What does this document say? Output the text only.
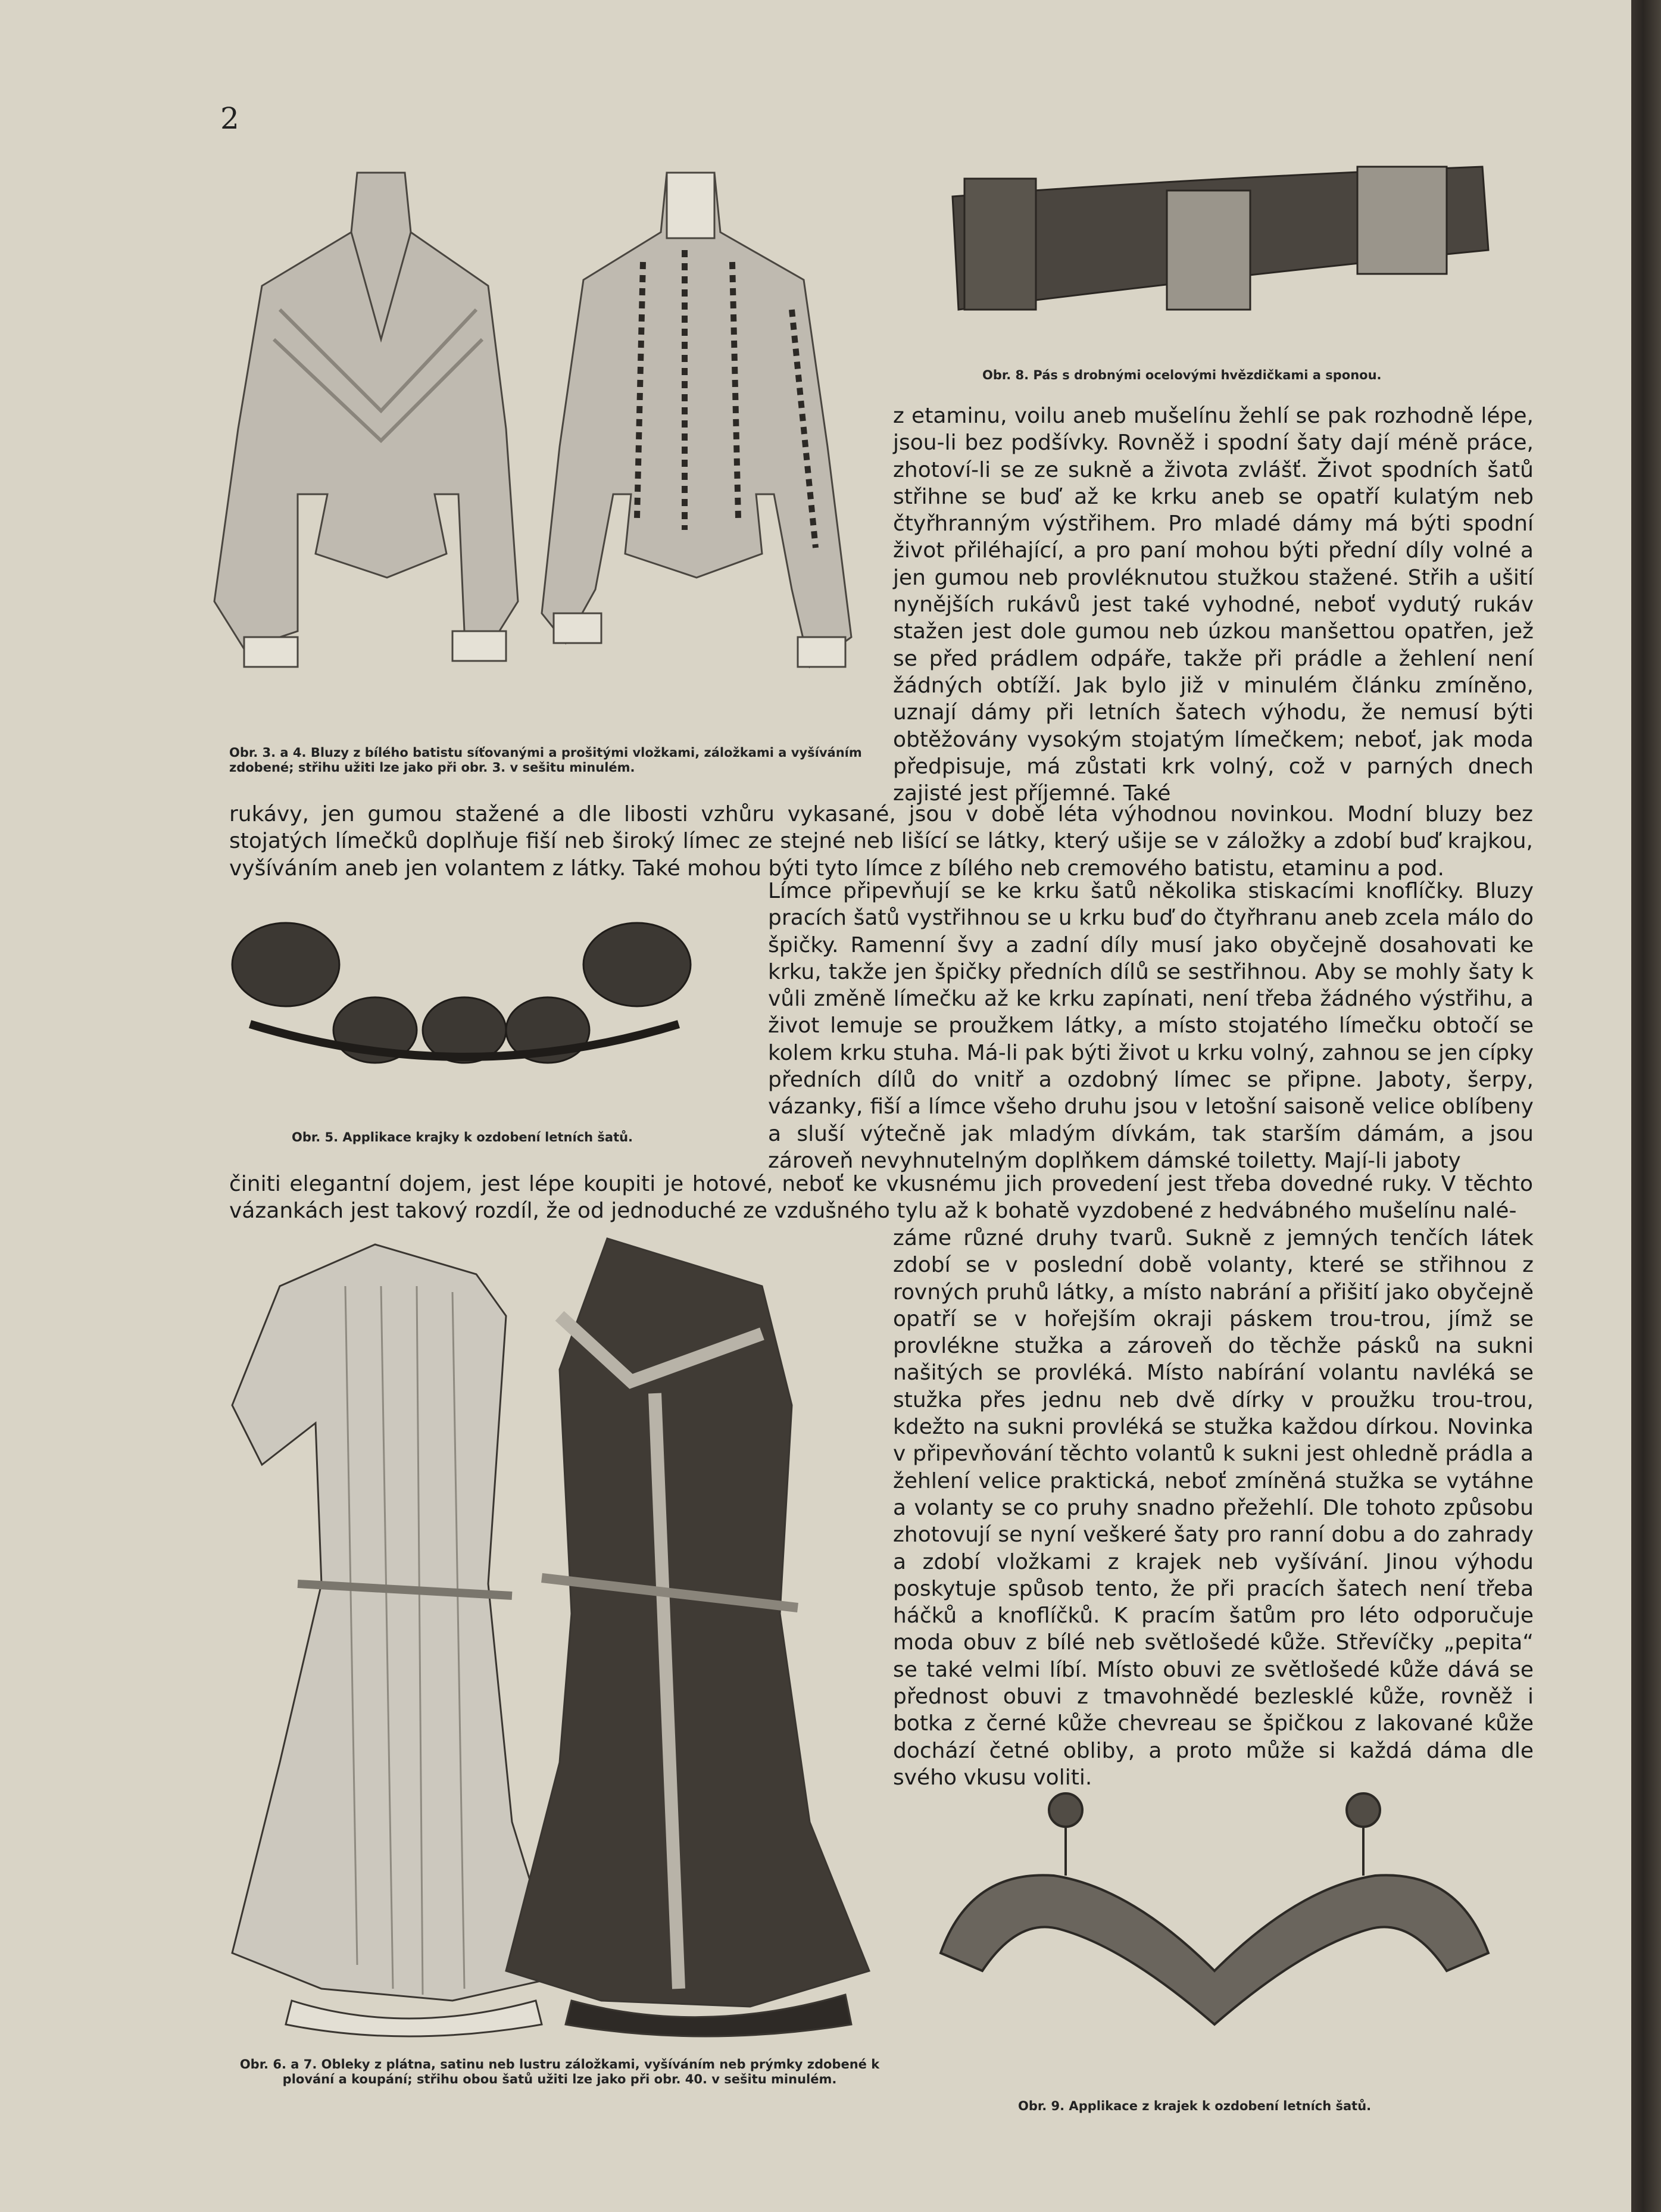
2

Obr. 3. a 4. Bluzy z bílého batistu síťovanými a prošitými vložkami, záložkami a vyšíváním zdobené; střihu užiti lze jako při obr. 3. v sešitu minulém.

Obr. 8. Pás s drobnými ocelovými hvězdičkami a sponou.

z etaminu, voilu aneb mušelínu žehlí se pak rozhodně lépe, jsou-li bez podšívky. Rovněž i spodní šaty dají méně práce, zhotoví-li se ze sukně a života zvlášť. Život spodních šatů střihne se buď až ke krku aneb se opatří kulatým neb čtyřhranným výstřihem. Pro mladé dámy má býti spodní život přiléhající, a pro paní mohou býti přední díly volné a jen gumou neb provléknutou stužkou stažené. Střih a ušití nynějších rukávů jest také vyhodné, neboť vydutý rukáv stažen jest dole gumou neb úzkou manšettou opatřen, jež se před prádlem odpáře, takže při prádle a žehlení není žádných obtíží. Jak bylo již v minulém článku zmíněno, uznají dámy při letních šatech výhodu, že nemusí býti obtěžovány vysokým stojatým límečkem; neboť, jak moda předpisuje, má zůstati krk volný, což v parných dnech zajisté jest příjemné. Také

rukávy, jen gumou stažené a dle libosti vzhůru vykasané, jsou v době léta výhodnou novinkou. Modní bluzy bez stojatých límečků doplňuje fiší neb široký límec ze stejné neb lišící se látky, který ušije se v záložky a zdobí buď krajkou, vyšíváním aneb jen volantem z látky. Také mohou býti tyto límce z bílého neb cremového batistu, etaminu a pod.

Obr. 5. Applikace krajky k ozdobení letních šatů.

Límce připevňují se ke krku šatů několika stiskacími knoflíčky. Bluzy pracích šatů vystřihnou se u krku buď do čtyřhranu aneb zcela málo do špičky. Ramenní švy a zadní díly musí jako obyčejně dosahovati ke krku, takže jen špičky předních dílů se sestřihnou. Aby se mohly šaty k vůli změně límečku až ke krku zapínati, není třeba žádného výstřihu, a život lemuje se proužkem látky, a místo stojatého límečku obtočí se kolem krku stuha. Má-li pak býti život u krku volný, zahnou se jen cípky předních dílů do vnitř a ozdobný límec se připne. Jaboty, šerpy, vázanky, fiší a límce všeho druhu jsou v letošní saisoně velice oblíbeny a sluší výtečně jak mladým dívkám, tak starším dámám, a jsou zároveň nevyhnutelným doplňkem dámské toiletty. Mají-li jaboty

činiti elegantní dojem, jest lépe koupiti je hotové, neboť ke vkusnému jich provedení jest třeba dovedné ruky. V těchto vázankách jest takový rozdíl, že od jednoduché ze vzdušného tylu až k bohatě vyzdobené z hedvábného mušelínu nalé-

Obr. 6. a 7. Obleky z plátna, satinu neb lustru záložkami, vyšíváním neb prýmky zdobené k plování a koupání; střihu obou šatů užiti lze jako při obr. 40. v sešitu minulém.

záme různé druhy tvarů. Sukně z jemných tenčích látek zdobí se v poslední době volanty, které se střihnou z rovných pruhů látky, a místo nabrání a přišití jako obyčejně opatří se v hořejším okraji páskem trou-trou, jímž se provlékne stužka a zároveň do těchže pásků na sukni našitých se provléká. Místo nabírání volantu navléká se stužka přes jednu neb dvě dírky v proužku trou-trou, kdežto na sukni provléká se stužka každou dírkou. Novinka v připevňování těchto volantů k sukni jest ohledně prádla a žehlení velice praktická, neboť zmíněná stužka se vytáhne a volanty se co pruhy snadno přežehlí. Dle tohoto způsobu zhotovují se nyní veškeré šaty pro ranní dobu a do zahrady a zdobí vložkami z krajek neb vyšívání. Jinou výhodu poskytuje spůsob tento, že při pracích šatech není třeba háčků a knoflíčků. K pracím šatům pro léto odporučuje moda obuv z bílé neb světlošedé kůže. Střevíčky „pepita“ se také velmi líbí. Místo obuvi ze světlošedé kůže dává se přednost obuvi z tmavohnědé bezlesklé kůže, rovněž i botka z černé kůže chevreau se špičkou z lakované kůže dochází četné obliby, a proto může si každá dáma dle svého vkusu voliti.

Obr. 9. Applikace z krajek k ozdobení letních šatů.
